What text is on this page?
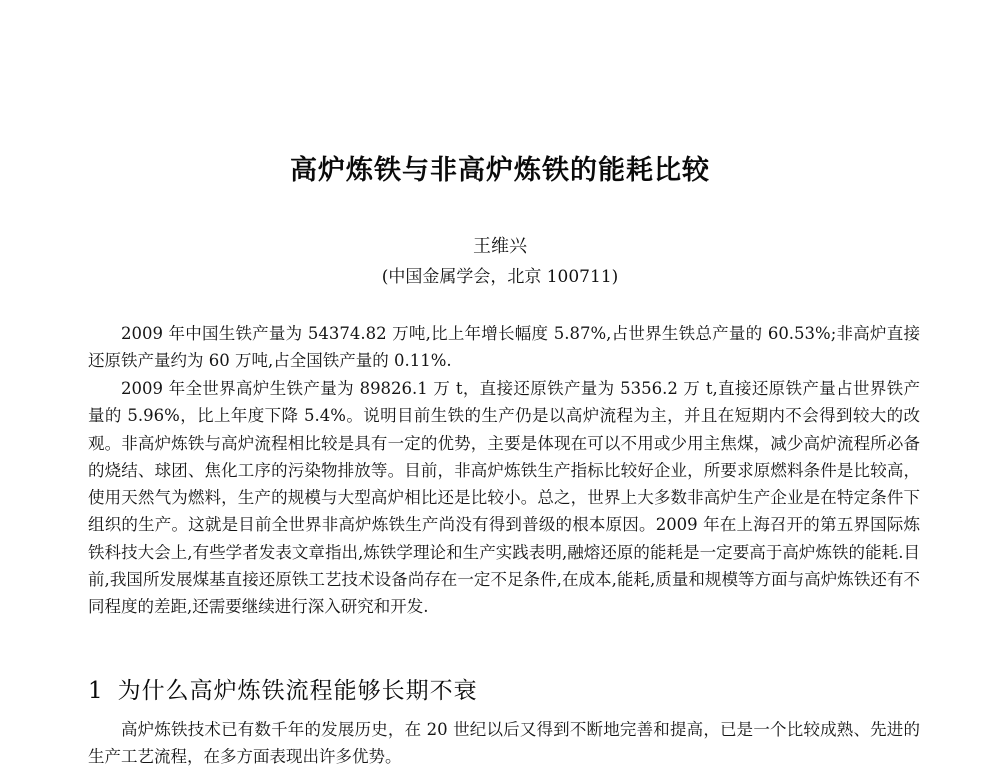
高炉炼铁与非高炉炼铁的能耗比较
王维兴
(中国金属学会，北京 100711)

2009 年中国生铁产量为 54374.82 万吨,比上年增长幅度 5.87%,占世界生铁总产量的 60.53%;非高炉直接还原铁产量约为 60 万吨,占全国铁产量的 0.11%.

2009 年全世界高炉生铁产量为 89826.1 万 t，直接还原铁产量为 5356.2 万 t,直接还原铁产量占世界铁产量的 5.96%，比上年度下降 5.4%。说明目前生铁的生产仍是以高炉流程为主，并且在短期内不会得到较大的改观。非高炉炼铁与高炉流程相比较是具有一定的优势，主要是体现在可以不用或少用主焦煤，减少高炉流程所必备的烧结、球团、焦化工序的污染物排放等。目前，非高炉炼铁生产指标比较好企业，所要求原燃料条件是比较高，使用天然气为燃料，生产的规模与大型高炉相比还是比较小。总之，世界上大多数非高炉生产企业是在特定条件下组织的生产。这就是目前全世界非高炉炼铁生产尚没有得到普级的根本原因。2009 年在上海召开的第五界国际炼铁科技大会上,有些学者发表文章指出,炼铁学理论和生产实践表明,融熔还原的能耗是一定要高于高炉炼铁的能耗.目前,我国所发展煤基直接还原铁工艺技术设备尚存在一定不足条件,在成本,能耗,质量和规模等方面与高炉炼铁还有不同程度的差距,还需要继续进行深入研究和开发.

1 为什么高炉炼铁流程能够长期不衰

高炉炼铁技术已有数千年的发展历史，在 20 世纪以后又得到不断地完善和提高，已是一个比较成熟、先进的生产工艺流程，在多方面表现出许多优势。
